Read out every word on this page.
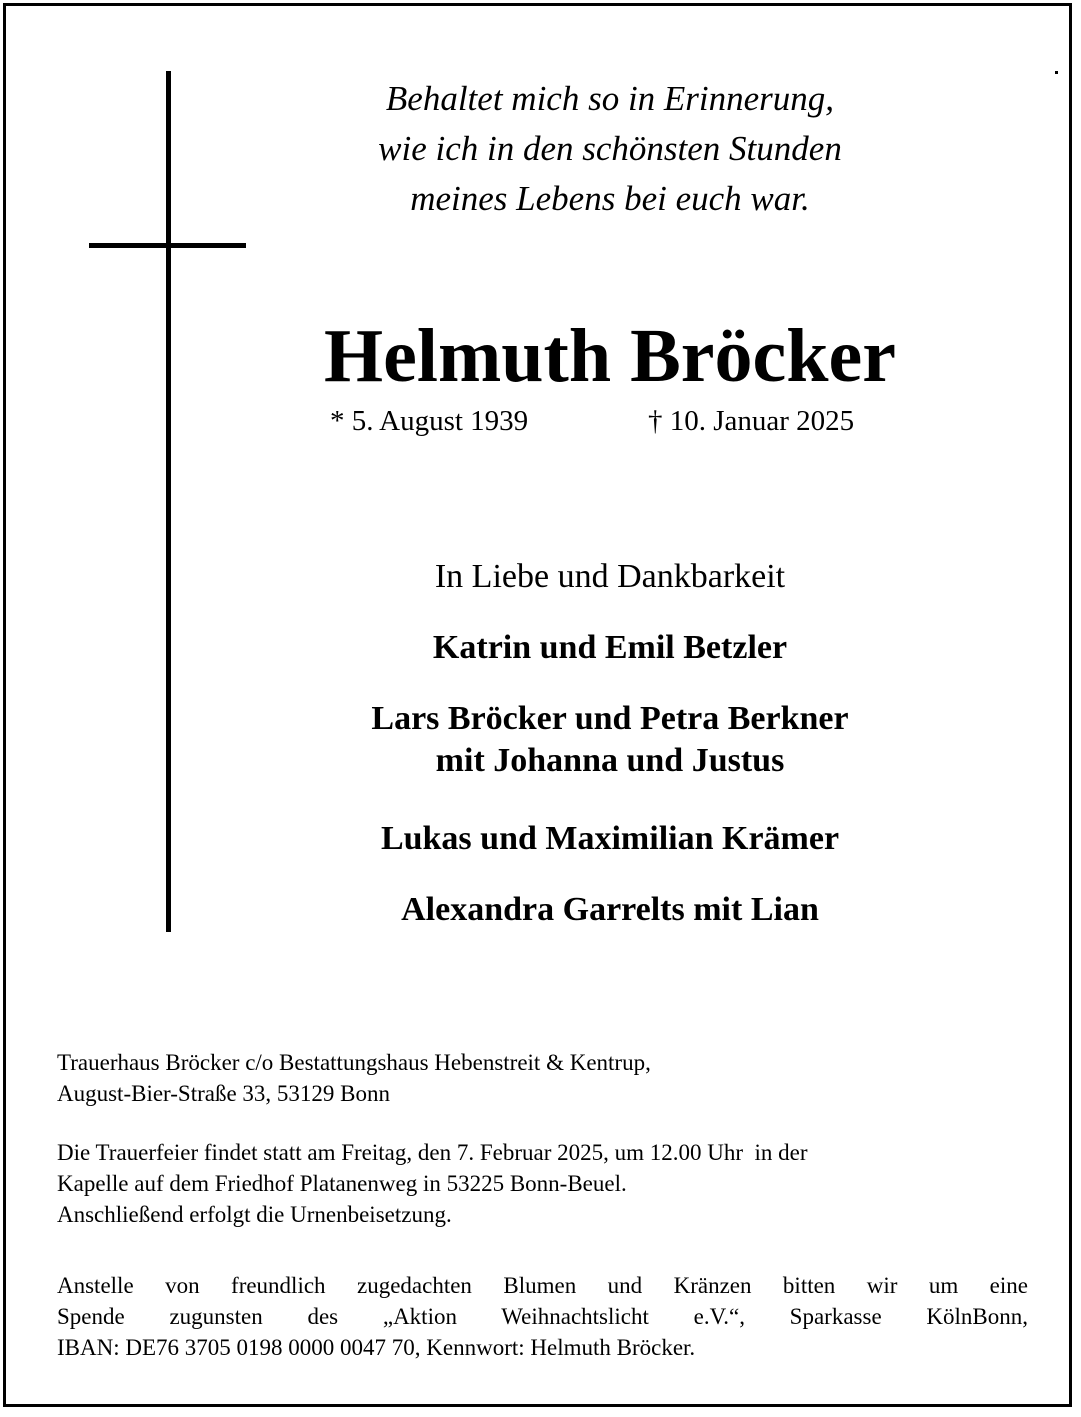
Behaltet mich so in Erinnerung,
wie ich in den schönsten Stunden
meines Lebens bei euch war.
Helmuth Bröcker
* 5. August 1939	† 10. Januar 2025
In Liebe und Dankbarkeit
Katrin und Emil Betzler
Lars Bröcker und Petra Berkner
mit Johanna und Justus
Lukas und Maximilian Krämer
Alexandra Garrelts mit Lian
Trauerhaus Bröcker c/o Bestattungshaus Hebenstreit & Kentrup,
August-Bier-Straße 33, 53129 Bonn
Die Trauerfeier findet statt am Freitag, den 7. Februar 2025, um 12.00 Uhr  in der
Kapelle auf dem Friedhof Platanenweg in 53225 Bonn-Beuel.
Anschließend erfolgt die Urnenbeisetzung.
Anstelle von freundlich zugedachten Blumen und Kränzen bitten wir um eine
Spende zugunsten des „Aktion Weihnachtslicht e.V.“, Sparkasse KölnBonn,
IBAN: DE76 3705 0198 0000 0047 70, Kennwort: Helmuth Bröcker.
